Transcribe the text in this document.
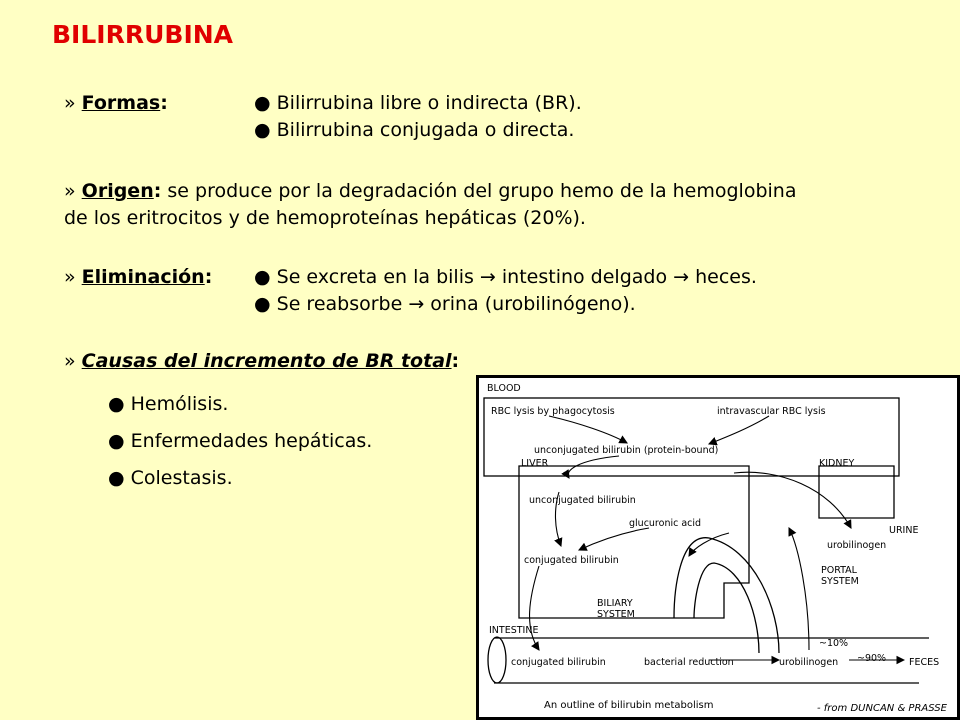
BILIRRUBINA
» Formas:	● Bilirrubina libre o indirecta (BR).
● Bilirrubina conjugada o directa.
» Origen: se produce por la degradación del grupo hemo de la hemoglobina
de los eritrocitos y de hemoproteínas hepáticas (20%).
» Eliminación: ● Se excreta en la bilis → intestino delgado → heces.
● Se reabsorbe → orina (urobilinógeno).
» Causas del incremento de BR total:
● Hemólisis.
● Enfermedades hepáticas.
● Colestasis.
BLOOD
RBC lysis by phagocytosis	intravascular RBC lysis
unconjugated bilirubin (protein-bound)
LIVER	KIDNEY
unconjugated bilirubin
glucuronic acid
URINE
urobilinogen
conjugated bilirubin
PORTAL
SYSTEM
BILIARY
SYSTEM
INTESTINE
~10%
~90%
conjugated bilirubin	bacterial reduction	urobilinogen	FECES
An outline of bilirubin metabolism	- from DUNCAN & PRASSE
